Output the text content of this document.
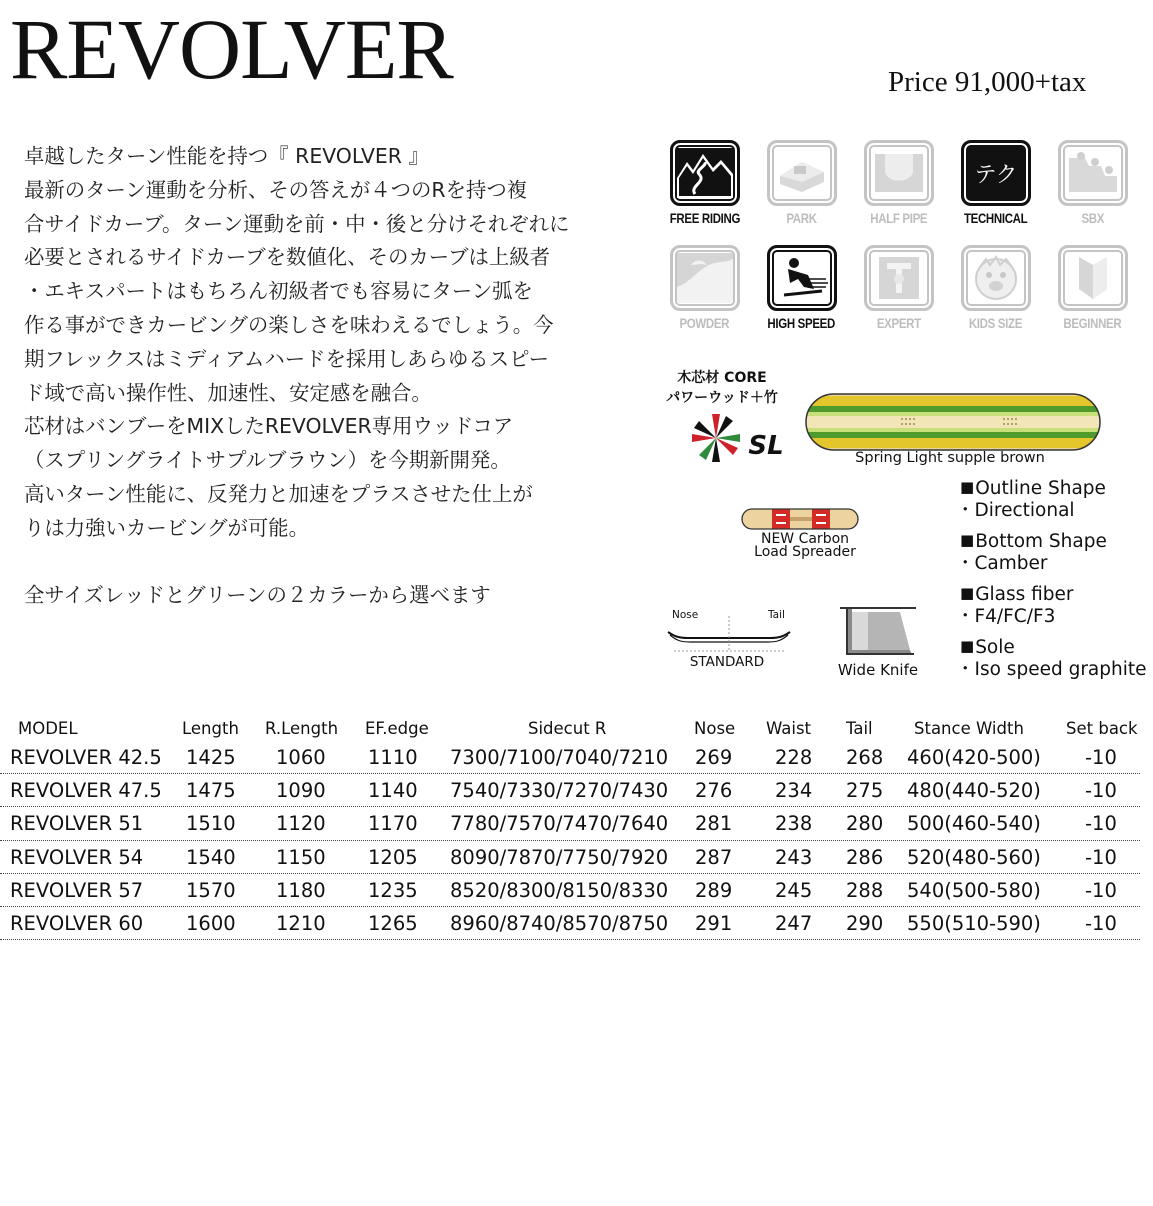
REVOLVER	Price 91,000+tax

卓越したターン性能を持つ『 REVOLVER 』

最新のターン運動を分析、その答えが４つのRを持つ複

合サイドカーブ。ターン運動を前・中・後と分けそれぞれに

必要とされるサイドカーブを数値化、そのカーブは上級者

・エキスパートはもちろん初級者でも容易にターン弧を

作る事ができカービングの楽しさを味わえるでしょう。今

期フレックスはミディアムハードを採用しあらゆるスピー

ド域で高い操作性、加速性、安定感を融合。

芯材はバンブーをMIXしたREVOLVER専用ウッドコア

（スプリングライトサプルブラウン）を今期新開発。

高いターン性能に、反発力と加速をプラスさせた仕上が

りは力強いカービングが可能。

全サイズレッドとグリーンの２カラーから選べます

FREE RIDING	PARK	HALF PIPE
テク
TECHNICAL	SBX
POWDER	HIGH SPEED	EXPERT	KIDS SIZE	BEGINNER
木芯材 CORE
パワーウッド＋竹
SL	Spring Light supple brown
NEW Carbon
Load Spreader
Nose	Tail
STANDARD	Wide Knife
■ Outline Shape
・ Directional
■ Bottom Shape
・ Camber
■ Glass fiber
・ F4/FC/F3
■ Sole
・ Iso speed graphite
MODEL	Length R.Length EF.edge	Sidecut R	Nose Waist Tail	Stance Width	Set back
REVOLVER 42.5 1425 1060 1110 7300/7100/7040/7210 269 228 268 460(420-500) -10
REVOLVER 47.5 1475 1090 1140 7540/7330/7270/7430 276 234 275 480(440-520) -10
REVOLVER 51 1510 1120 1170 7780/7570/7470/7640 281 238 280 500(460-540) -10
REVOLVER 54 1540 1150 1205 8090/7870/7750/7920 287 243 286 520(480-560) -10
REVOLVER 57 1570 1180 1235 8520/8300/8150/8330 289 245 288 540(500-580) -10
REVOLVER 60 1600 1210 1265 8960/8740/8570/8750 291 247 290 550(510-590) -10
